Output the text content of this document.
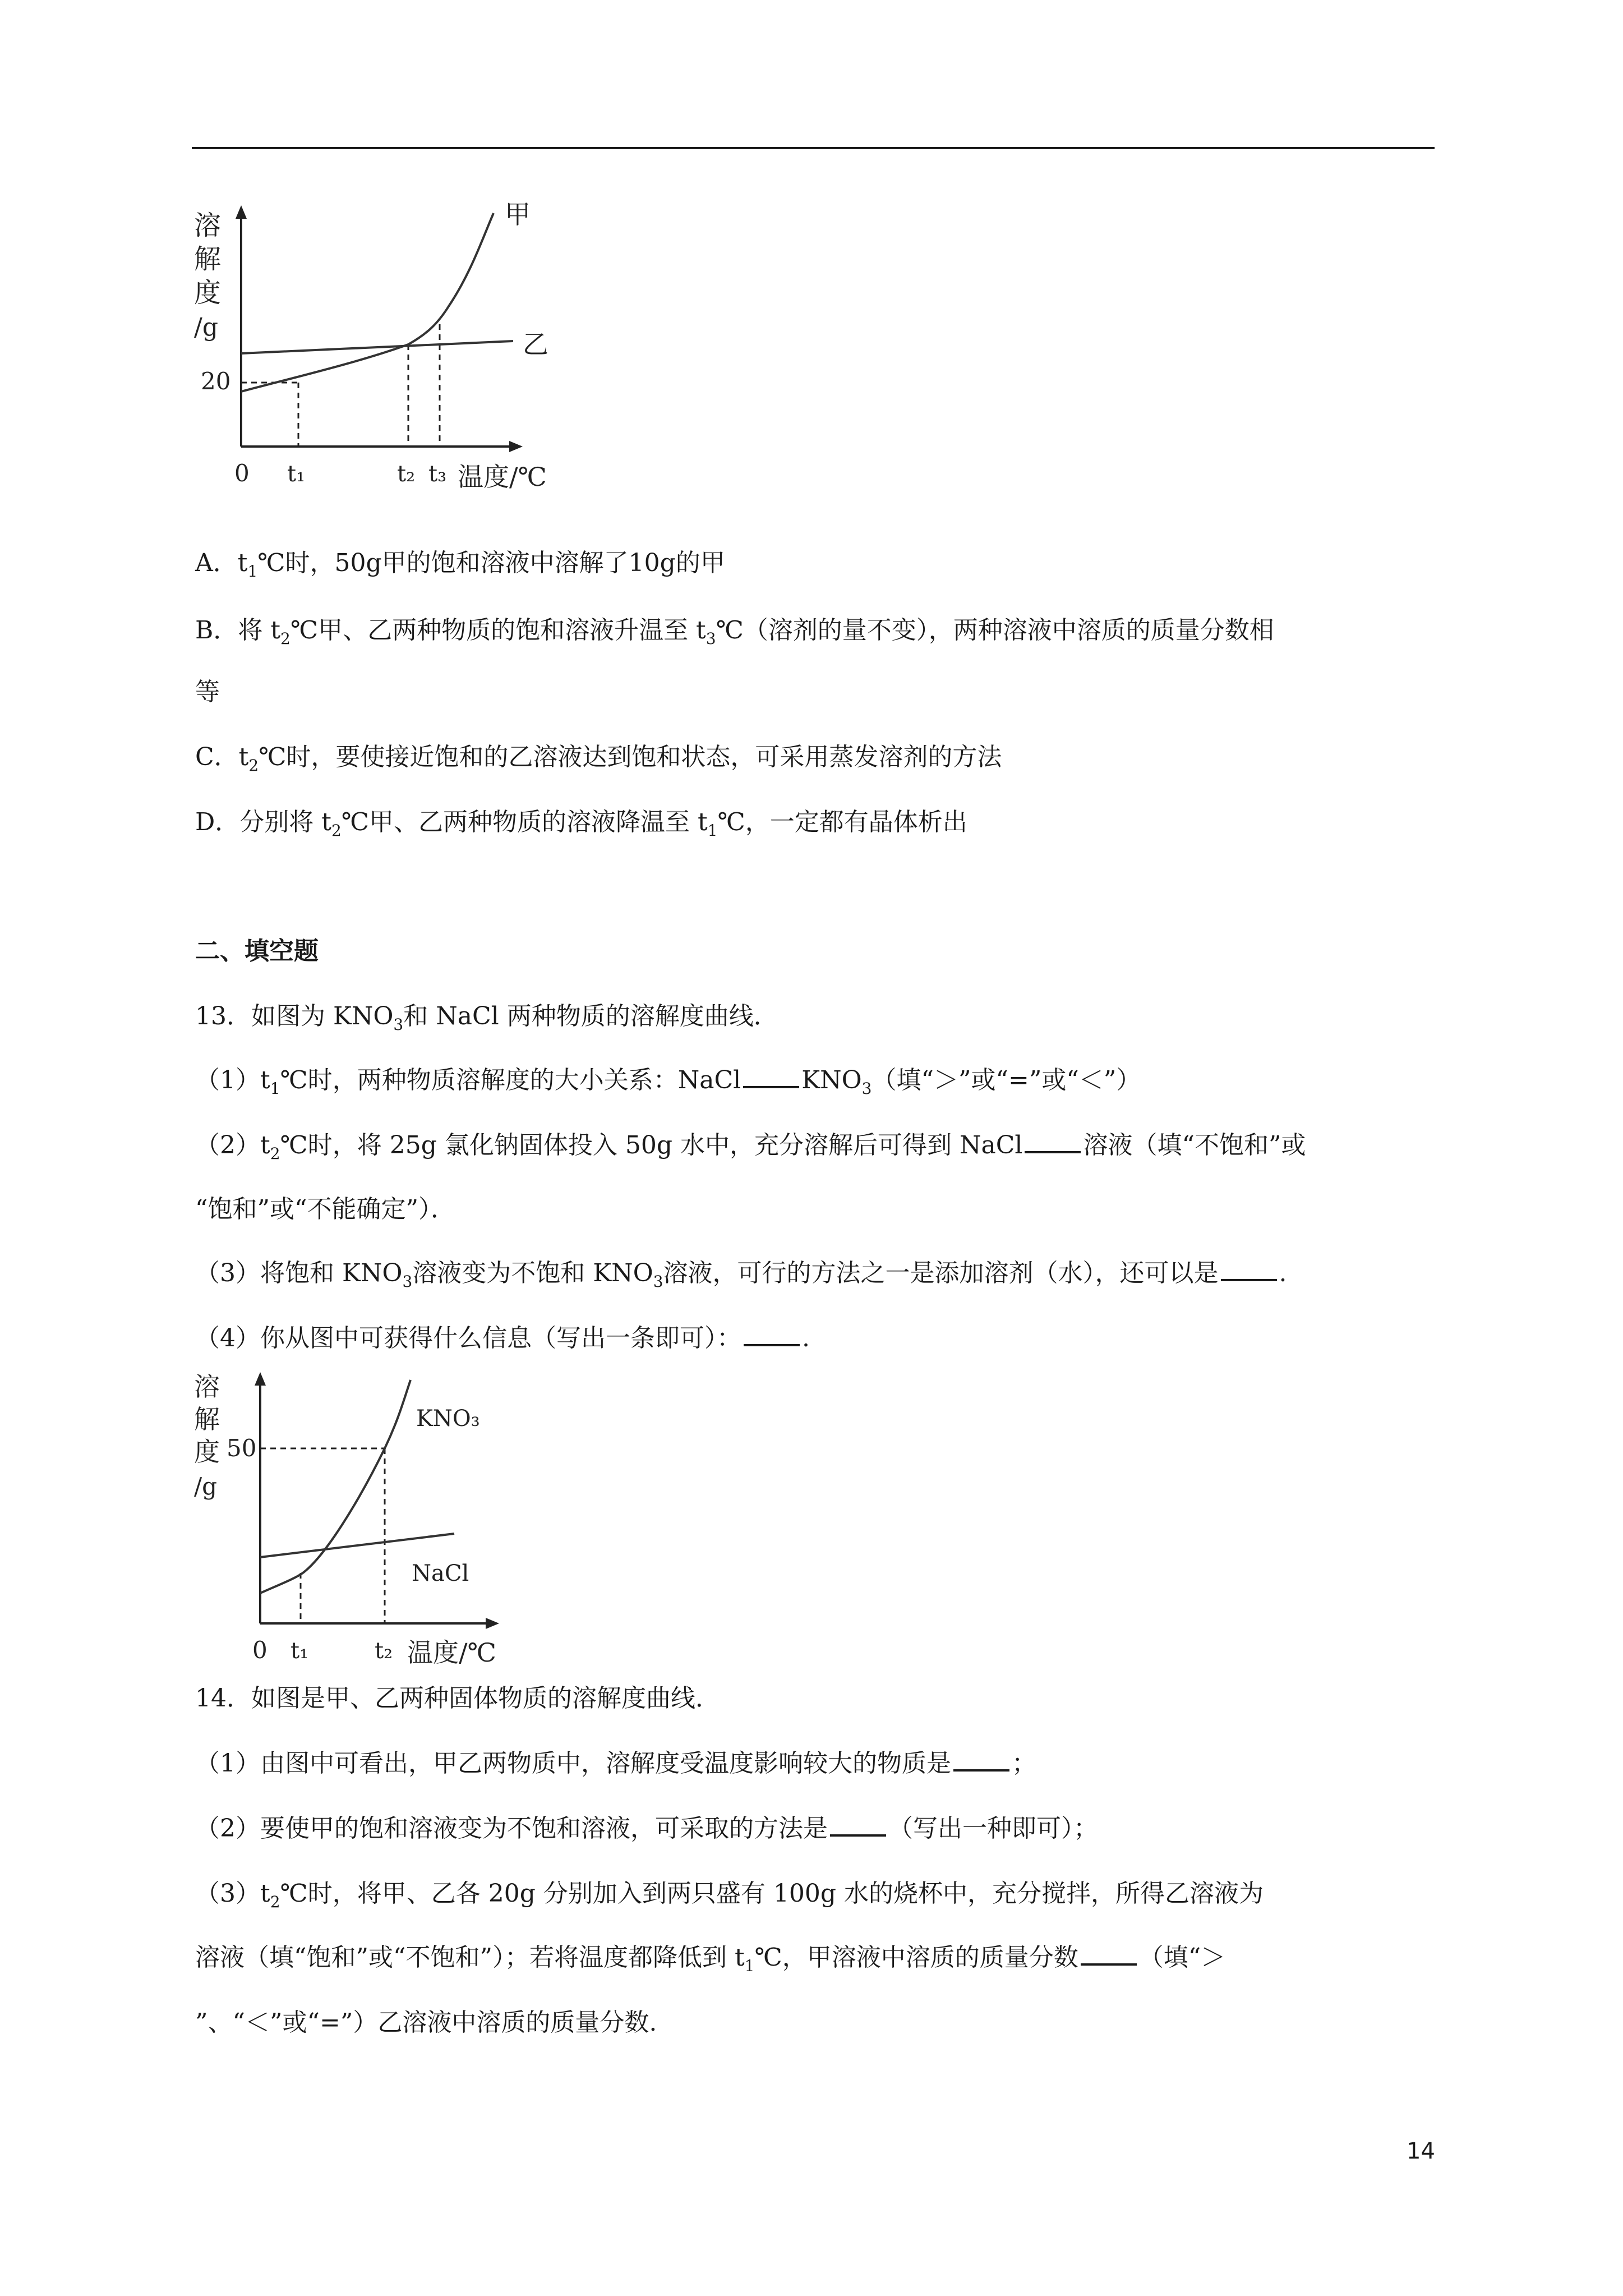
溶
解
度
/g
20
0 t₁	t₂ t₃ 温度/℃
甲
乙
A．$t_1℃$时，50g甲的饱和溶液中溶解了10g的甲
B．将 $t_2℃$甲、乙两种物质的饱和溶液升温至 $t_3℃$（溶剂的量不变），两种溶液中溶质的质量分数相
等
C．$t_2℃$时，要使接近饱和的乙溶液达到饱和状态，可采用蒸发溶剂的方法
D．分别将 $t_2℃$甲、乙两种物质的溶液降温至 $t_1℃$，一定都有晶体析出
二、填空题
13．如图为 $KNO_3$和 NaCl 两种物质的溶解度曲线．
$(1)t_1℃$时，两种物质溶解度的大小关系：NaCl $KNO_3$（填“＞”或“=”或“＜”）
$(2)t_2℃$时，将 25g 氯化钠固体投入 50g 水中，充分溶解后可得到 NaCl 溶液（填“不饱和”或
“饱和”或“不能确定”）．
（3）将饱和 $KNO_3$溶液变为不饱和 $KNO_3$溶液，可行的方法之一是添加溶剂（水），还可以是 .
（4）你从图中可获得什么信息（写出一条即可）： .
溶
解
度
/g
50
0 t₁	t₂ 温度/℃
KNO₃
NaCl
14．如图是甲、乙两种固体物质的溶解度曲线．
（1）由图中可看出，甲乙两物质中，溶解度受温度影响较大的物质是 ；
（2）要使甲的饱和溶液变为不饱和溶液，可采取的方法是 （写出一种即可）；
$(3)t_2℃$时，将甲、乙各 20g 分别加入到两只盛有 100g 水的烧杯中，充分搅拌，所得乙溶液为
溶液（填“饱和”或“不饱和”）；若将温度都降低到 $t_1℃$，甲溶液中溶质的质量分数 （填“＞
”、“＜”或“=”）乙溶液中溶质的质量分数.
14
